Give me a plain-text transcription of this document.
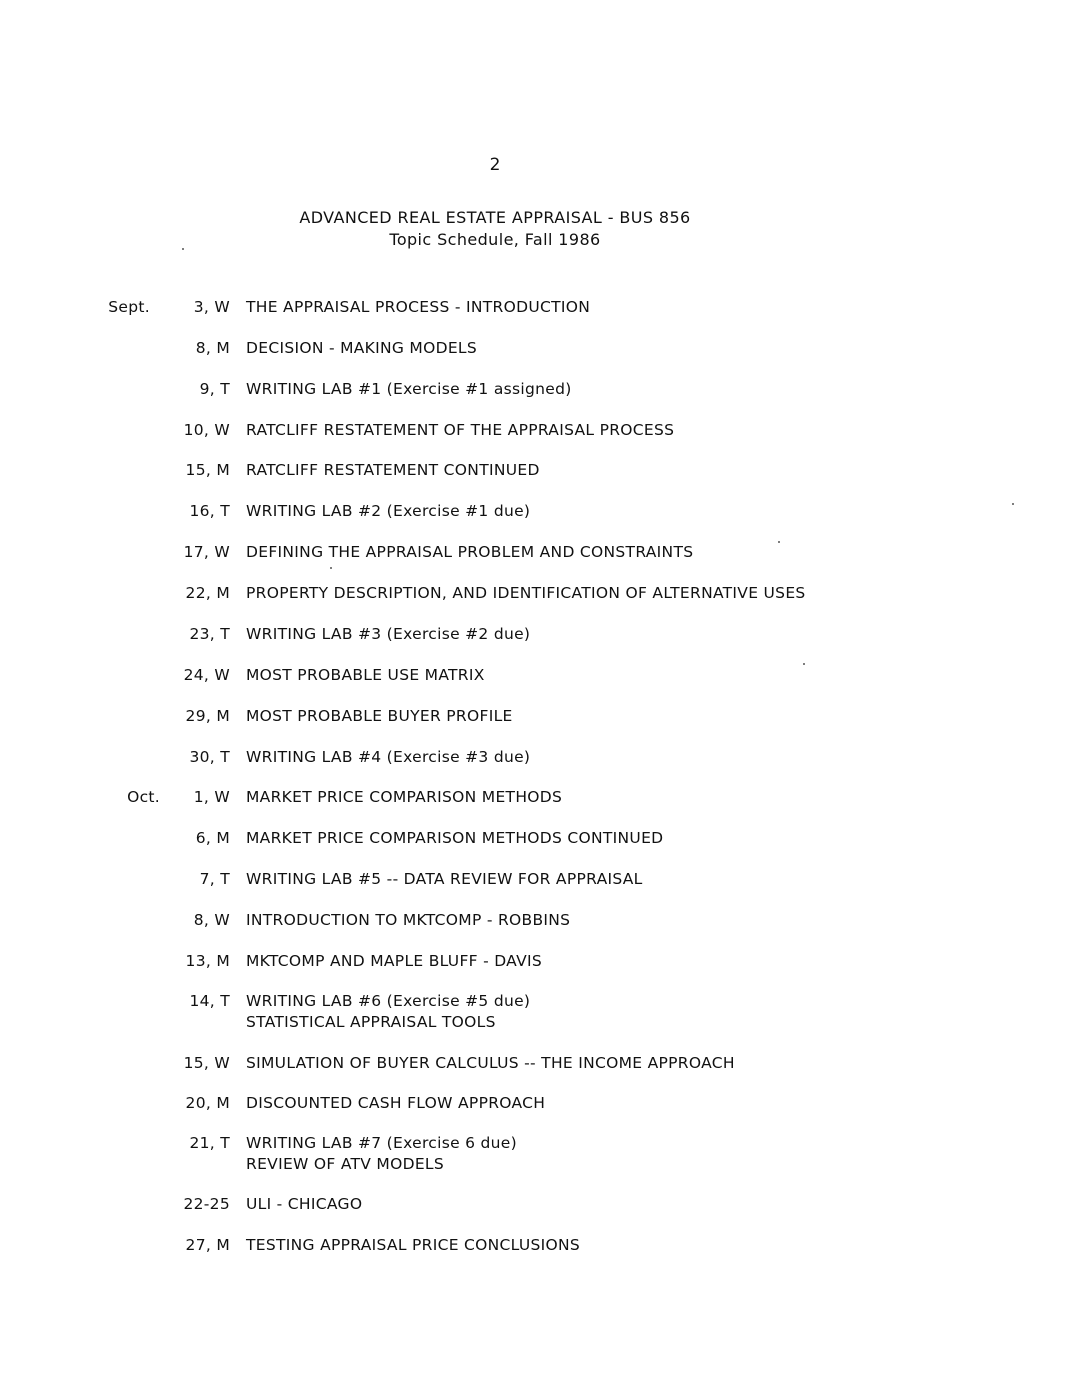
2
ADVANCED REAL ESTATE APPRAISAL - BUS 856
Topic Schedule, Fall 1986
Sept.	3, W THE APPRAISAL PROCESS - INTRODUCTION
8, M DECISION - MAKING MODELS
9, T WRITING LAB #1 (Exercise #1 assigned)
10, W RATCLIFF RESTATEMENT OF THE APPRAISAL PROCESS
15, M RATCLIFF RESTATEMENT CONTINUED
16, T WRITING LAB #2 (Exercise #1 due)
17, W DEFINING THE APPRAISAL PROBLEM AND CONSTRAINTS
22, M PROPERTY DESCRIPTION, AND IDENTIFICATION OF ALTERNATIVE USES
23, T WRITING LAB #3 (Exercise #2 due)
24, W MOST PROBABLE USE MATRIX
29, M MOST PROBABLE BUYER PROFILE
30, T WRITING LAB #4 (Exercise #3 due)
Oct.	1, W MARKET PRICE COMPARISON METHODS
6, M MARKET PRICE COMPARISON METHODS CONTINUED
7, T WRITING LAB #5 -- DATA REVIEW FOR APPRAISAL
8, W INTRODUCTION TO MKTCOMP - ROBBINS
13, M MKTCOMP AND MAPLE BLUFF - DAVIS
14, T WRITING LAB #6 (Exercise #5 due)
STATISTICAL APPRAISAL TOOLS
15, W SIMULATION OF BUYER CALCULUS -- THE INCOME APPROACH
20, M DISCOUNTED CASH FLOW APPROACH
21, T WRITING LAB #7 (Exercise 6 due)
REVIEW OF ATV MODELS
22-25 ULI - CHICAGO
27, M TESTING APPRAISAL PRICE CONCLUSIONS
